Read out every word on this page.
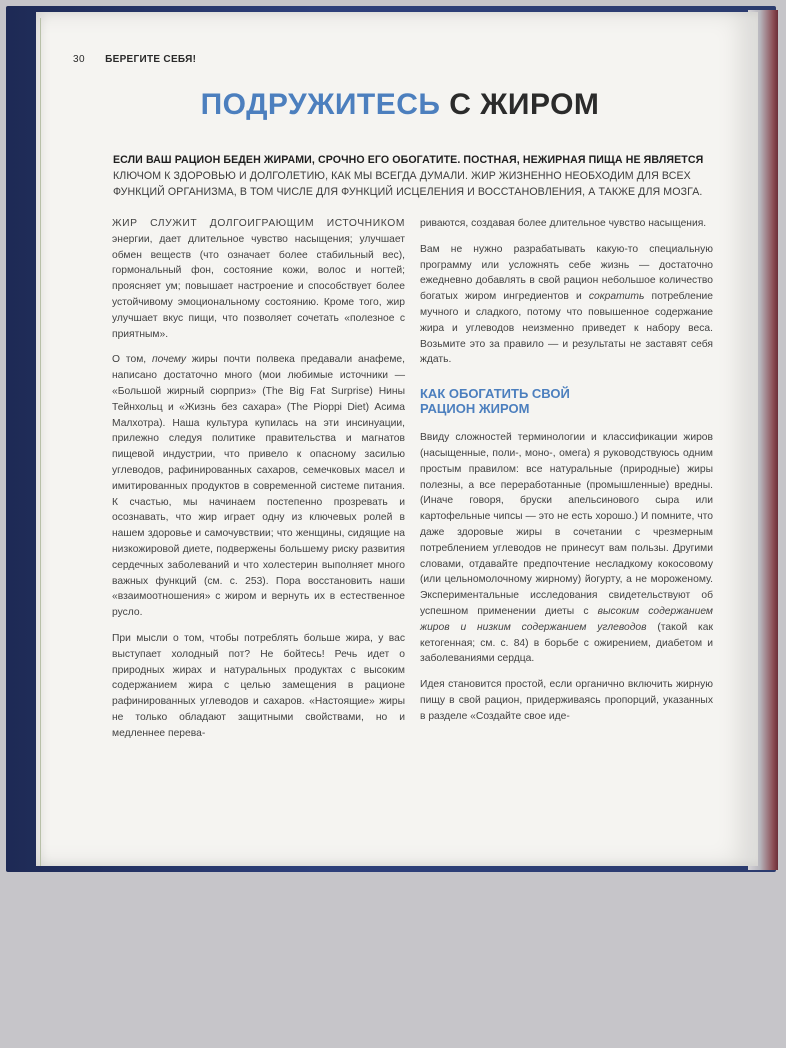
30 БЕРЕГИТЕ СЕБЯ!
ПОДРУЖИТЕСЬ С ЖИРОМ
ЕСЛИ ВАШ РАЦИОН БЕДЕН ЖИРАМИ, СРОЧНО ЕГО ОБОГАТИТЕ. ПОСТНАЯ, НЕЖИРНАЯ ПИЩА НЕ ЯВЛЯЕТСЯ КЛЮЧОМ К ЗДОРОВЬЮ И ДОЛГОЛЕТИЮ, КАК МЫ ВСЕГДА ДУМАЛИ. ЖИР ЖИЗНЕННО НЕОБХОДИМ ДЛЯ ВСЕХ ФУНКЦИЙ ОРГАНИЗМА, В ТОМ ЧИСЛЕ ДЛЯ ФУНКЦИЙ ИСЦЕЛЕНИЯ И ВОССТАНОВЛЕНИЯ, А ТАКЖЕ ДЛЯ МОЗГА.

ЖИР СЛУЖИТ ДОЛГОИГРАЮЩИМ ИСТОЧНИКОМ энергии, дает длительное чувство насыщения; улучшает обмен веществ (что означает более стабильный вес), гормональный фон, состояние кожи, волос и ногтей; проясняет ум; повышает настроение и способствует более устойчивому эмоциональному состоянию. Кроме того, жир улучшает вкус пищи, что позволяет сочетать «полезное с приятным».

О том, почему жиры почти полвека предавали анафеме, написано достаточно много (мои любимые источники — «Большой жирный сюрприз» (The Big Fat Surprise) Нины Тейнхольц и «Жизнь без сахара» (The Pioppi Diet) Асима Малхотра). Наша культура купилась на эти инсинуации, прилежно следуя политике правительства и магнатов пищевой индустрии, что привело к опасному засилью углеводов, рафинированных сахаров, семечковых масел и имитированных продуктов в современной системе питания. К счастью, мы начинаем постепенно прозревать и осознавать, что жир играет одну из ключевых ролей в нашем здоровье и самочувствии; что женщины, сидящие на низкожировой диете, подвержены большему риску развития сердечных заболеваний и что холестерин выполняет много важных функций (см. с. 253). Пора восстановить наши «взаимоотношения» с жиром и вернуть их в естественное русло.

При мысли о том, чтобы потреблять больше жира, у вас выступает холодный пот? Не бойтесь! Речь идет о природных жирах и натуральных продуктах с высоким содержанием жира с целью замещения в рационе рафинированных углеводов и сахаров. «Настоящие» жиры не только обладают защитными свойствами, но и медленнее перева-

риваются, создавая более длительное чувство насыщения.

Вам не нужно разрабатывать какую-то специальную программу или усложнять себе жизнь — достаточно ежедневно добавлять в свой рацион небольшое количество богатых жиром ингредиентов и сократить потребление мучного и сладкого, потому что повышенное содержание жира и углеводов неизменно приведет к набору веса. Возьмите это за правило — и результаты не заставят себя ждать.

КАК ОБОГАТИТЬ СВОЙ
РАЦИОН ЖИРОМ

Ввиду сложностей терминологии и классификации жиров (насыщенные, поли-, моно-, омега) я руководствуюсь одним простым правилом: все натуральные (природные) жиры полезны, а все переработанные (промышленные) вредны. (Иначе говоря, бруски апельсинового сыра или картофельные чипсы — это не есть хорошо.) И помните, что даже здоровые жиры в сочетании с чрезмерным потреблением углеводов не принесут вам пользы. Другими словами, отдавайте предпочтение несладкому кокосовому (или цельномолочному жирному) йогурту, а не мороженому. Экспериментальные исследования свидетельствуют об успешном применении диеты с высоким содержанием жиров и низким содержанием углеводов (такой как кетогенная; см. с. 84) в борьбе с ожирением, диабетом и заболеваниями сердца.

Идея становится простой, если органично включить жирную пищу в свой рацион, придерживаясь пропорций, указанных в разделе «Создайте свое иде-
